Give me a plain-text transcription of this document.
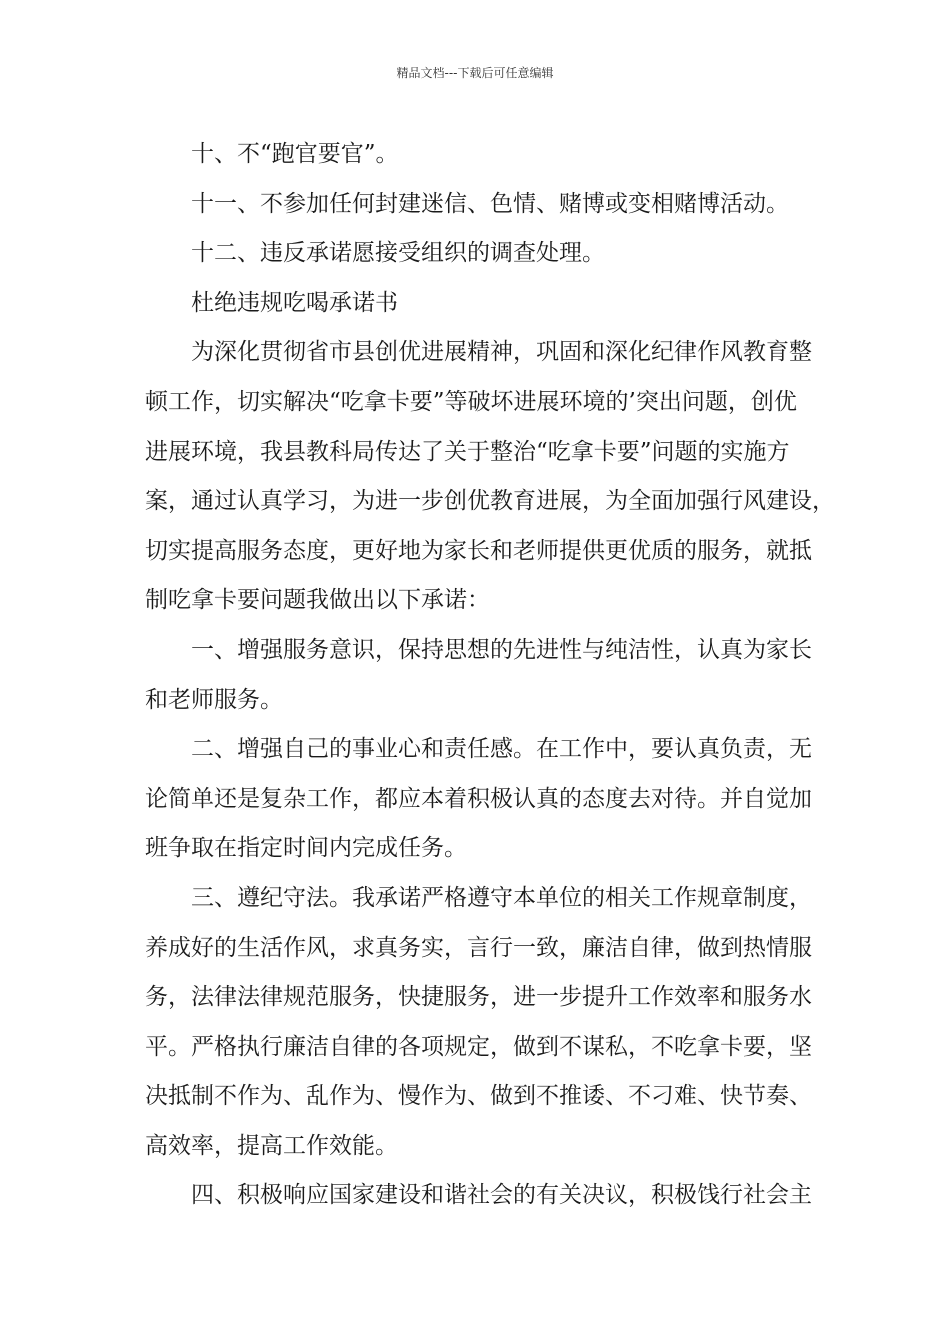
精品文档---下载后可任意编辑

十、不“跑官要官”。

十一、不参加任何封建迷信、色情、赌博或变相赌博活动。

十二、违反承诺愿接受组织的调查处理。

杜绝违规吃喝承诺书

为深化贯彻省市县创优进展精神，巩固和深化纪律作风教育整

顿工作，切实解决“吃拿卡要”等破坏进展环境的’突出问题，创优

进展环境，我县教科局传达了关于整治“吃拿卡要”问题的实施方

案，通过认真学习，为进一步创优教育进展，为全面加强行风建设，

切实提高服务态度，更好地为家长和老师提供更优质的服务，就抵

制吃拿卡要问题我做出以下承诺：

一、增强服务意识，保持思想的先进性与纯洁性，认真为家长

和老师服务。

二、增强自己的事业心和责任感。在工作中，要认真负责，无

论简单还是复杂工作，都应本着积极认真的态度去对待。并自觉加

班争取在指定时间内完成任务。

三、遵纪守法。我承诺严格遵守本单位的相关工作规章制度，

养成好的生活作风，求真务实，言行一致，廉洁自律，做到热情服

务，法律法律规范服务，快捷服务，进一步提升工作效率和服务水

平。严格执行廉洁自律的各项规定，做到不谋私，不吃拿卡要，坚

决抵制不作为、乱作为、慢作为、做到不推诿、不刁难、快节奏、

高效率，提高工作效能。

四、积极响应国家建设和谐社会的有关决议，积极饯行社会主
